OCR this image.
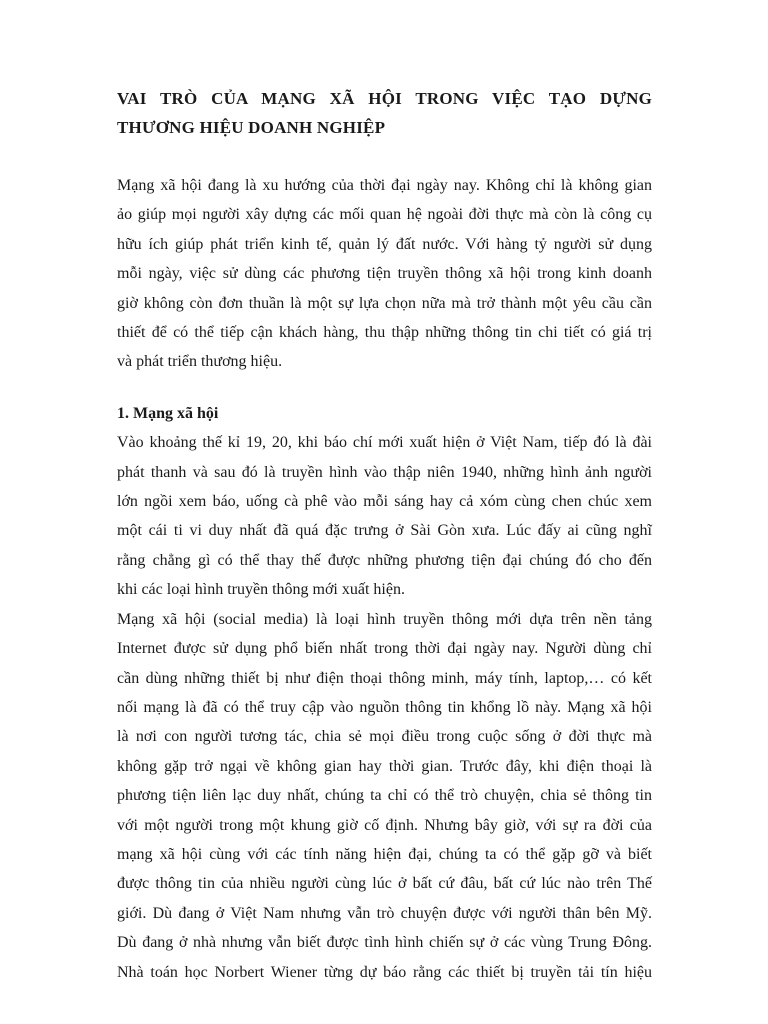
VAI TRÒ CỦA MẠNG XÃ HỘI TRONG VIỆC TẠO DỰNG
THƯƠNG HIỆU DOANH NGHIỆP
Mạng xã hội đang là xu hướng của thời đại ngày nay. Không chỉ là không gian
ảo giúp mọi người xây dựng các mối quan hệ ngoài đời thực mà còn là công cụ
hữu ích giúp phát triển kinh tế, quản lý đất nước. Với hàng tỷ người sử dụng
mỗi ngày, việc sử dùng các phương tiện truyền thông xã hội trong kinh doanh
giờ không còn đơn thuần là một sự lựa chọn nữa mà trở thành một yêu cầu cần
thiết để có thể tiếp cận khách hàng, thu thập những thông tin chi tiết có giá trị
và phát triển thương hiệu.
1. Mạng xã hội
Vào khoảng thế kỉ 19, 20, khi báo chí mới xuất hiện ở Việt Nam, tiếp đó là đài
phát thanh và sau đó là truyền hình vào thập niên 1940, những hình ảnh người
lớn ngồi xem báo, uống cà phê vào mỗi sáng hay cả xóm cùng chen chúc xem
một cái ti vi duy nhất đã quá đặc trưng ở Sài Gòn xưa. Lúc đấy ai cũng nghĩ
rằng chẳng gì có thể thay thế được những phương tiện đại chúng đó cho đến
khi các loại hình truyền thông mới xuất hiện.
Mạng xã hội (social media) là loại hình truyền thông mới dựa trên nền tảng
Internet được sử dụng phổ biến nhất trong thời đại ngày nay. Người dùng chỉ
cần dùng những thiết bị như điện thoại thông minh, máy tính, laptop,… có kết
nối mạng là đã có thể truy cập vào nguồn thông tin khổng lồ này. Mạng xã hội
là nơi con người tương tác, chia sẻ mọi điều trong cuộc sống ở đời thực mà
không gặp trở ngại về không gian hay thời gian. Trước đây, khi điện thoại là
phương tiện liên lạc duy nhất, chúng ta chỉ có thể trò chuyện, chia sẻ thông tin
với một người trong một khung giờ cố định. Nhưng bây giờ, với sự ra đời của
mạng xã hội cùng với các tính năng hiện đại, chúng ta có thể gặp gỡ và biết
được thông tin của nhiều người cùng lúc ở bất cứ đâu, bất cứ lúc nào trên Thế
giới. Dù đang ở Việt Nam nhưng vẫn trò chuyện được với người thân bên Mỹ.
Dù đang ở nhà nhưng vẫn biết được tình hình chiến sự ở các vùng Trung Đông.
Nhà toán học Norbert Wiener từng dự báo rằng các thiết bị truyền tải tín hiệu
